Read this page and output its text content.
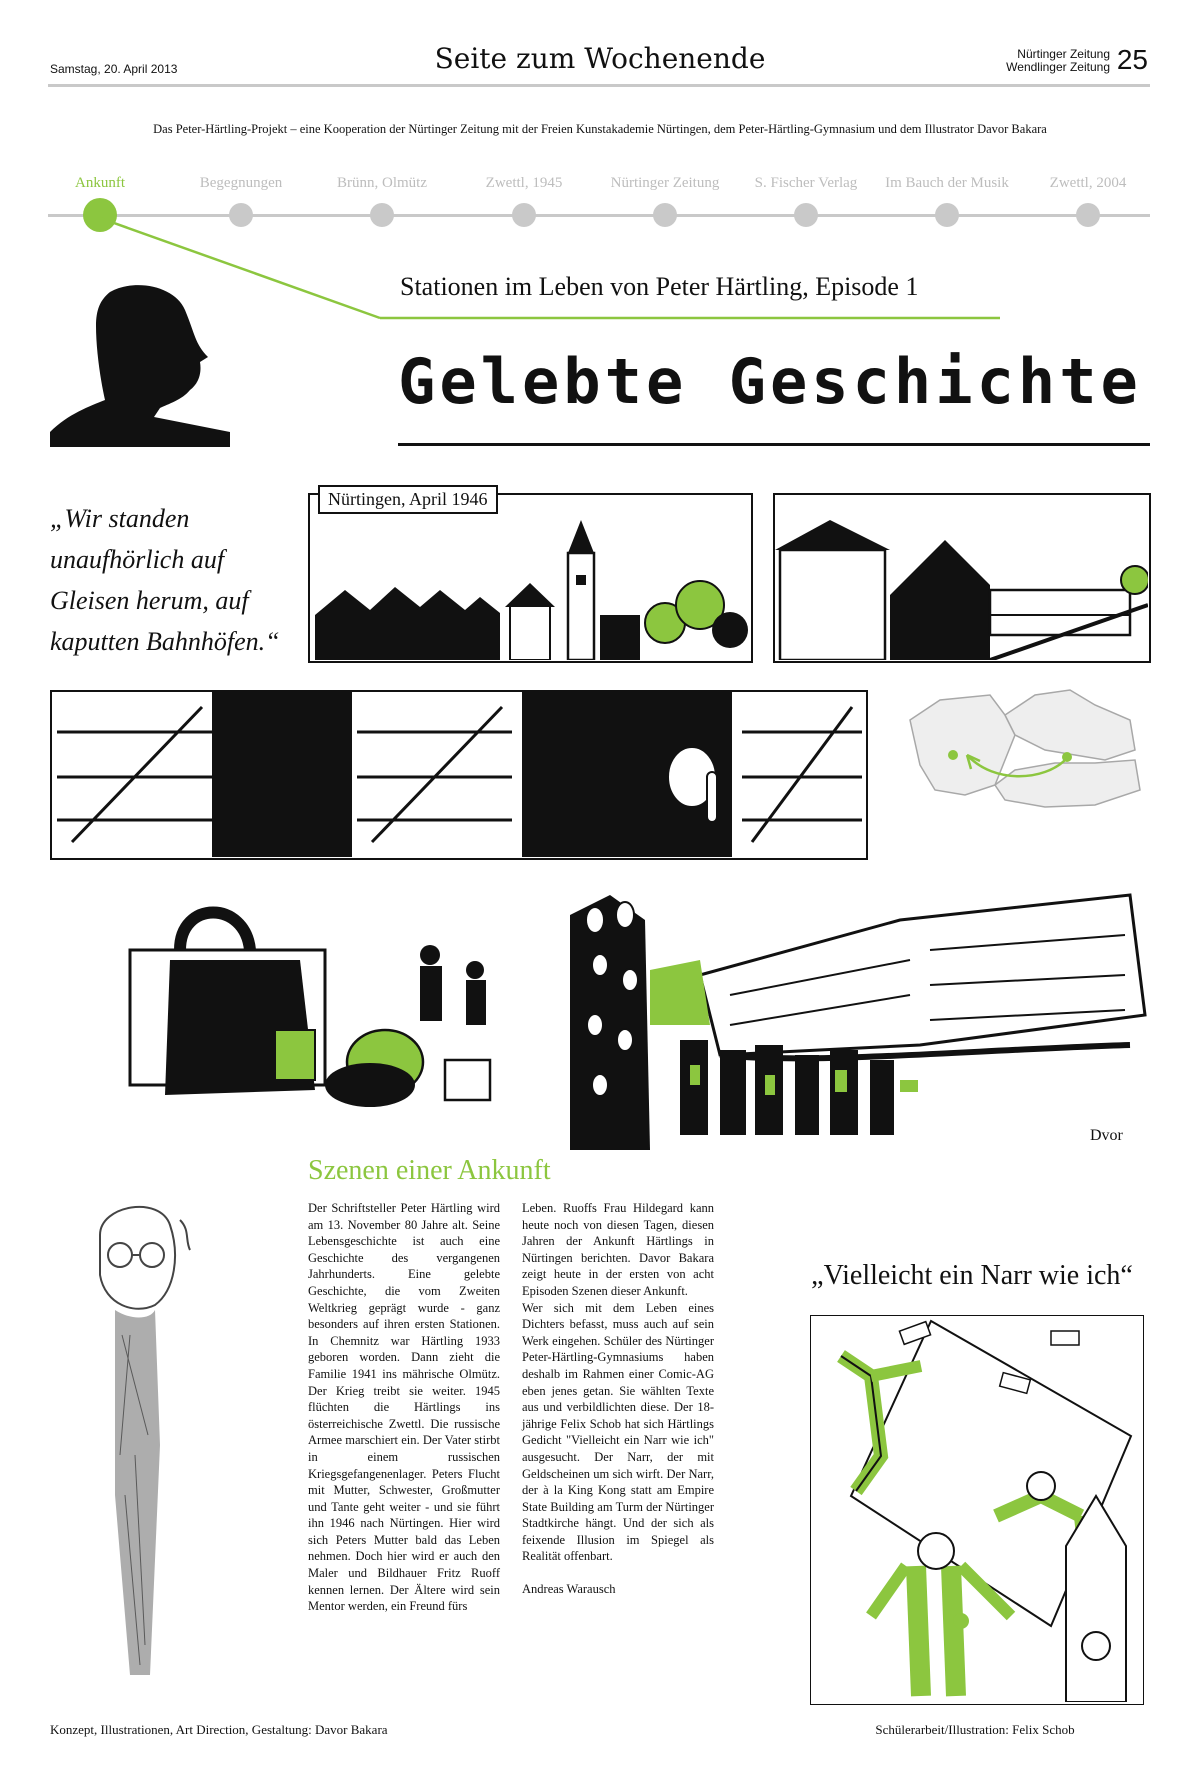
Samstag, 20. April 2013	Seite zum Wochenende	Nürtinger Zeitung
Wendlinger Zeitung 25
Das Peter-Härtling-Projekt – eine Kooperation der Nürtinger Zeitung mit der Freien Kunstakademie Nürtingen, dem Peter-Härtling-Gymnasium und dem Illustrator Davor Bakara
Ankunft	Begegnungen	Brünn, Olmütz	Zwettl, 1945	Nürtinger Zeitung	S. Fischer Verlag	Im Bauch der Musik	Zwettl, 2004
Stationen im Leben von Peter Härtling, Episode 1
Gelebte Geschichte
„Wir standen unaufhörlich auf Gleisen herum, auf kaputten Bahnhöfen.“
Nürtingen, April 1946
Dvor
Szenen einer Ankunft

Der Schriftsteller Peter Härtling wird am 13. November 80 Jahre alt. Seine Lebensgeschichte ist auch eine Geschichte des vergangenen Jahrhunderts. Eine gelebte Geschichte, die vom Zweiten Weltkrieg geprägt wurde - ganz besonders auf ihren ersten Stationen. In Chemnitz war Härtling 1933 geboren worden. Dann zieht die Familie 1941 ins mährische Olmütz. Der Krieg treibt sie weiter. 1945 flüchten die Härtlings ins österreichische Zwettl. Die russische Armee marschiert ein. Der Vater stirbt in einem russischen Kriegsgefangenenlager. Peters Flucht mit Mutter, Schwester, Großmutter und Tante geht weiter - und sie führt ihn 1946 nach Nürtingen. Hier wird sich Peters Mutter bald das Leben nehmen. Doch hier wird er auch den Maler und Bildhauer Fritz Ruoff kennen lernen. Der Ältere wird sein Mentor werden, ein Freund fürs

Leben. Ruoffs Frau Hildegard kann heute noch von diesen Tagen, diesen Jahren der Ankunft Härtlings in Nürtingen berichten. Davor Bakara zeigt heute in der ersten von acht Episoden Szenen dieser Ankunft.

Wer sich mit dem Leben eines Dichters befasst, muss auch auf sein Werk eingehen. Schüler des Nürtinger Peter-Härtling-Gymnasiums haben deshalb im Rahmen einer Comic-AG eben jenes getan. Sie wählten Texte aus und verbildlichten diese. Der 18-jährige Felix Schob hat sich Härtlings Gedicht "Vielleicht ein Narr wie ich" ausgesucht. Der Narr, der mit Geldscheinen um sich wirft. Der Narr, der à la King Kong statt am Empire State Building am Turm der Nürtinger Stadtkirche hängt. Und der sich als feixende Illusion im Spiegel als Realität offenbart.

Andreas Warausch

„Vielleicht ein Narr wie ich“
Konzept, Illustrationen, Art Direction, Gestaltung: Davor Bakara	Schülerarbeit/Illustration: Felix Schob
